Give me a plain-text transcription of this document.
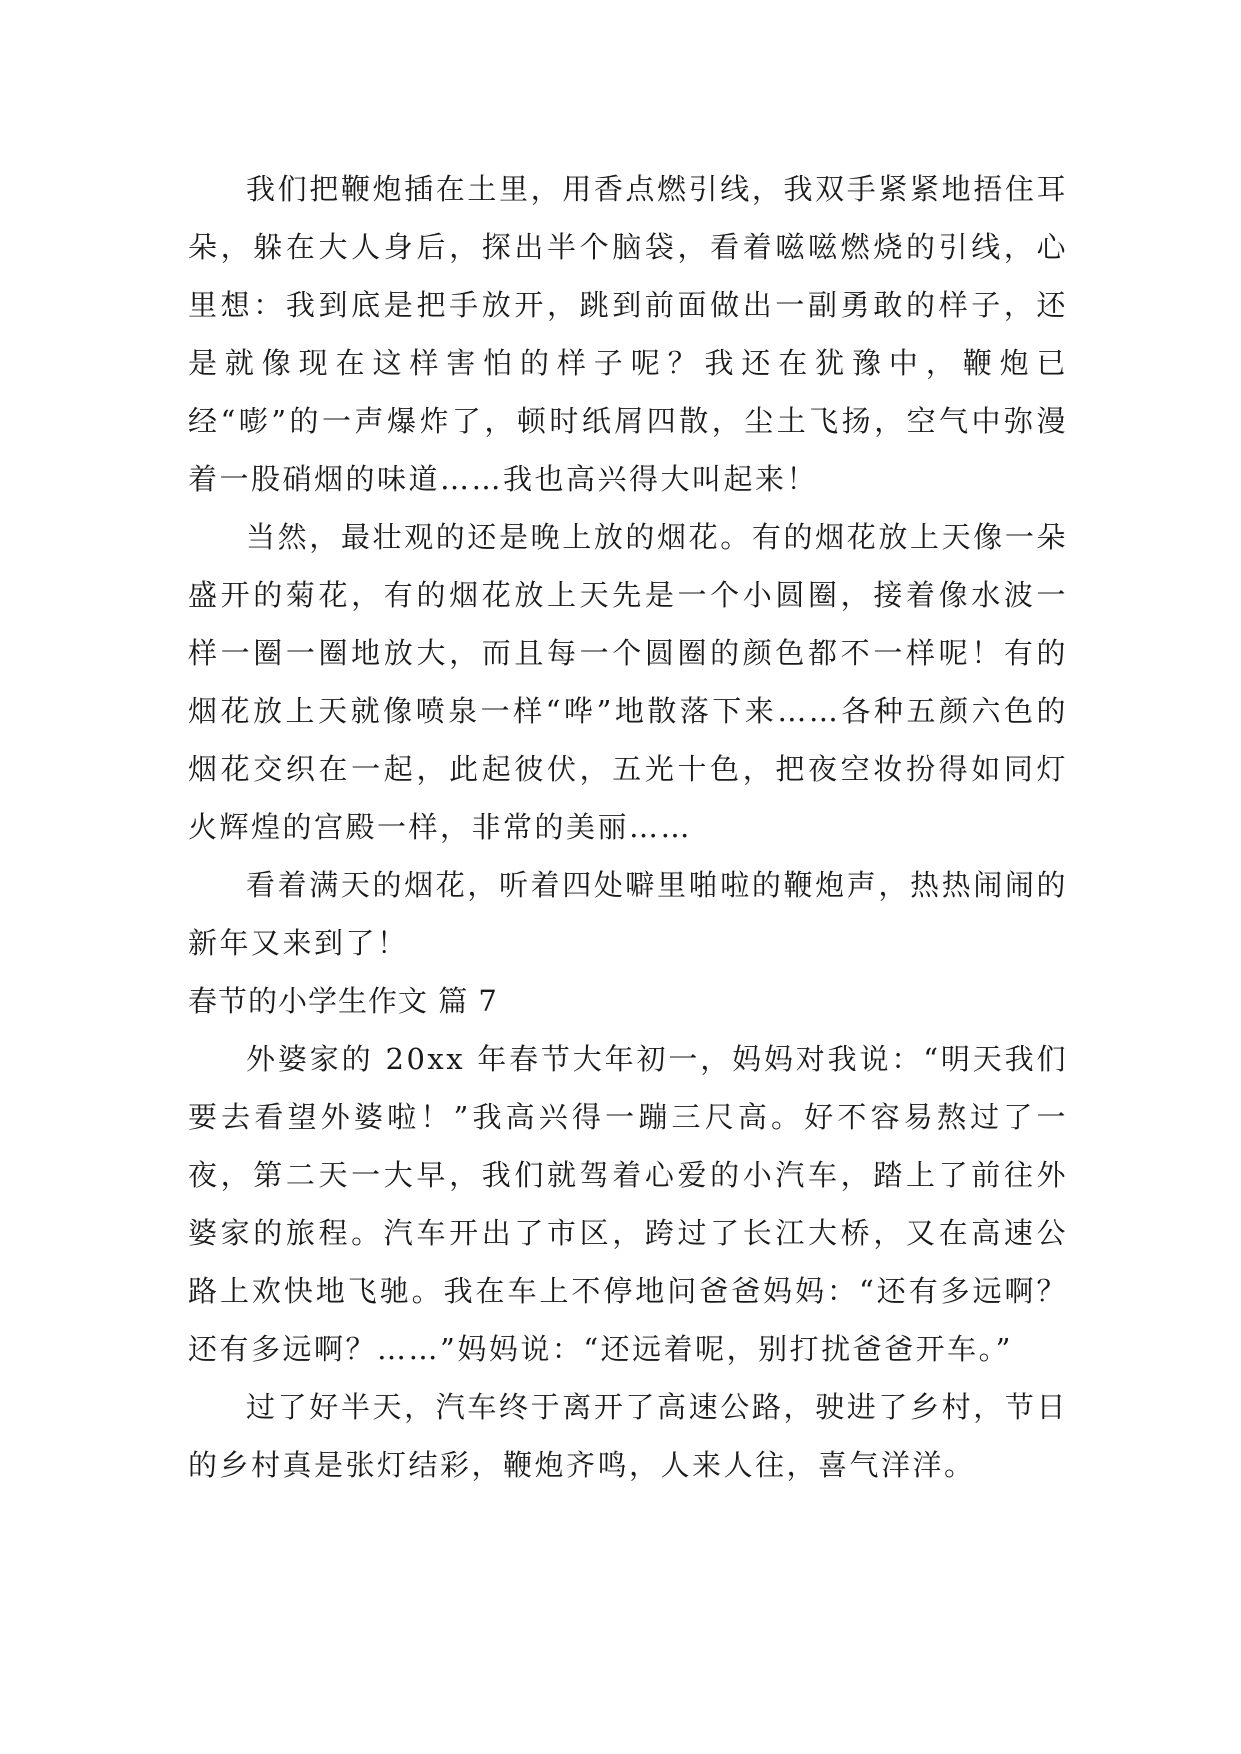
我们把鞭炮插在土里，用香点燃引线，我双手紧紧地捂住耳朵，躲在大人身后，探出半个脑袋，看着嗞嗞燃烧的引线，心里想：我到底是把手放开，跳到前面做出一副勇敢的样子，还是就像现在这样害怕的样子呢？我还在犹豫中，鞭炮已经“嘭”的一声爆炸了，顿时纸屑四散，尘土飞扬，空气中弥漫着一股硝烟的味道……我也高兴得大叫起来！

当然，最壮观的还是晚上放的烟花。有的烟花放上天像一朵盛开的菊花，有的烟花放上天先是一个小圆圈，接着像水波一样一圈一圈地放大，而且每一个圆圈的颜色都不一样呢！有的烟花放上天就像喷泉一样“哗”地散落下来……各种五颜六色的烟花交织在一起，此起彼伏，五光十色，把夜空妆扮得如同灯火辉煌的宫殿一样，非常的美丽……

看着满天的烟花，听着四处噼里啪啦的鞭炮声，热热闹闹的新年又来到了！

春节的小学生作文 篇 7

外婆家的 20xx 年春节大年初一，妈妈对我说：“明天我们要去看望外婆啦！”我高兴得一蹦三尺高。好不容易熬过了一夜，第二天一大早，我们就驾着心爱的小汽车，踏上了前往外婆家的旅程。汽车开出了市区，跨过了长江大桥，又在高速公路上欢快地飞驰。我在车上不停地问爸爸妈妈：“还有多远啊？还有多远啊？……”妈妈说：“还远着呢，别打扰爸爸开车。”

过了好半天，汽车终于离开了高速公路，驶进了乡村，节日的乡村真是张灯结彩，鞭炮齐鸣，人来人往，喜气洋洋。
